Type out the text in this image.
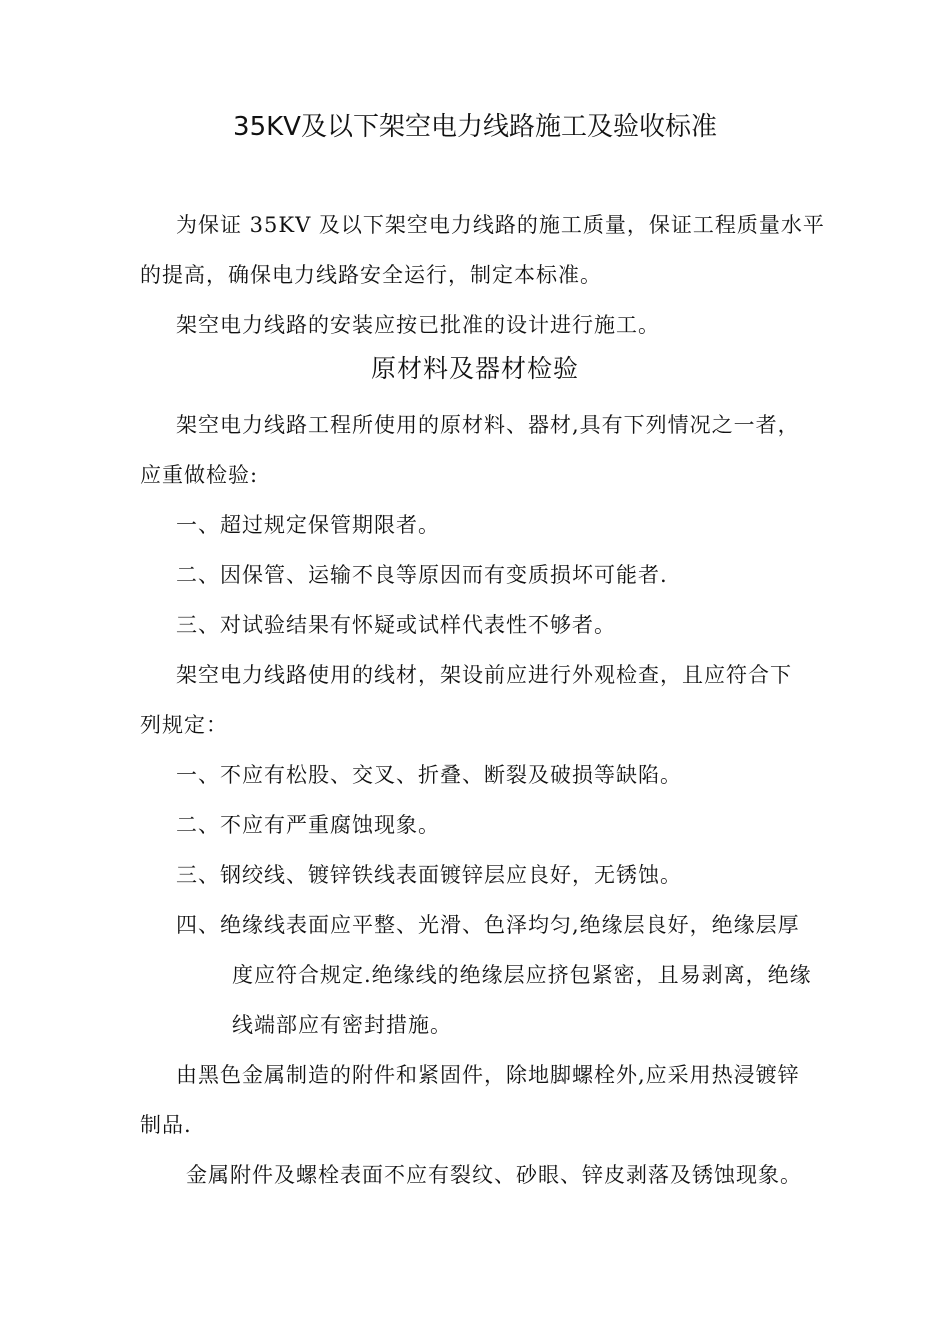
35KV及以下架空电力线路施工及验收标准
为保证 35KV 及以下架空电力线路的施工质量，保证工程质量水平
的提高，确保电力线路安全运行，制定本标准。
架空电力线路的安装应按已批准的设计进行施工。
原材料及器材检验
架空电力线路工程所使用的原材料、器材,具有下列情况之一者，
应重做检验:
一、超过规定保管期限者。
二、因保管、运输不良等原因而有变质损坏可能者.
三、对试验结果有怀疑或试样代表性不够者。
架空电力线路使用的线材，架设前应进行外观检查，且应符合下
列规定：
一、不应有松股、交叉、折叠、断裂及破损等缺陷。
二、不应有严重腐蚀现象。
三、钢绞线、镀锌铁线表面镀锌层应良好，无锈蚀。
四、绝缘线表面应平整、光滑、色泽均匀,绝缘层良好，绝缘层厚
度应符合规定.绝缘线的绝缘层应挤包紧密，且易剥离，绝缘
线端部应有密封措施。
由黑色金属制造的附件和紧固件，除地脚螺栓外,应采用热浸镀锌
制品.
金属附件及螺栓表面不应有裂纹、砂眼、锌皮剥落及锈蚀现象。
